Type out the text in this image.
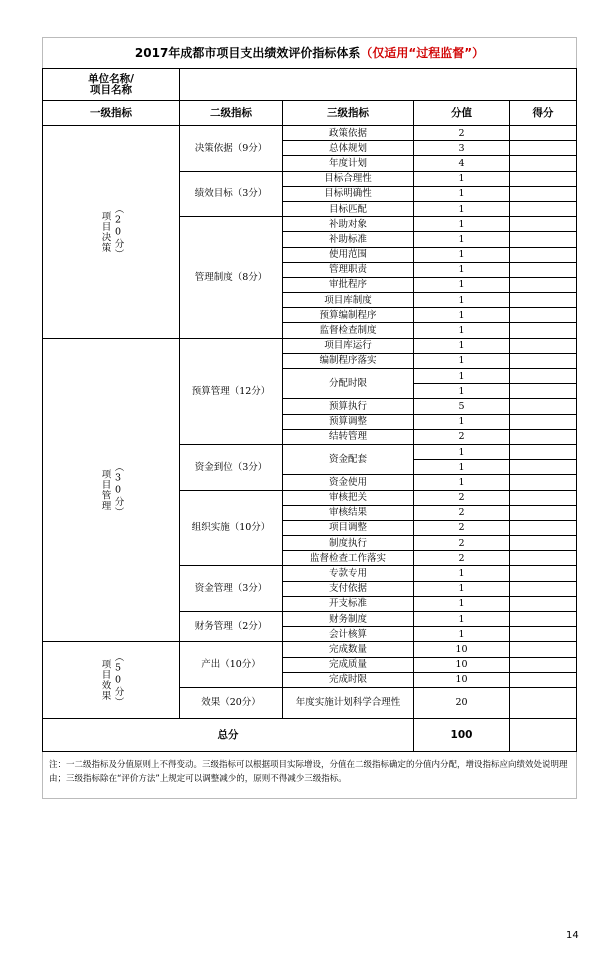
2017年成都市项目支出绩效评价指标体系（仅适用“过程监督”）				

单位名称/
项目名称				

一级指标	二级指标	三级指标	分值	得分

项目决策 （20分）	决策依据（9分）	政策依据	2	
		总体规划	3	
		年度计划	4	
	绩效目标（3分）	目标合理性	1	
		目标明确性	1	
		目标匹配	1	
	管理制度（8分）	补助对象	1	
		补助标准	1	
		使用范围	1	
		管理职责	1	
		审批程序	1	
		项目库制度	1	
		预算编制程序	1	
		监督检查制度	1	

项目管理 （30分）	预算管理（12分）	项目库运行	1	
		编制程序落实	1	
		分配时限	1	
			1	
		预算执行	5	
		预算调整	1	
		结转管理	2	
	资金到位（3分）	资金配套	1	
			1	
		资金使用	1	
	组织实施（10分）	审核把关	2	
		审核结果	2	
		项目调整	2	
		制度执行	2	
		监督检查工作落实	2	
	资金管理（3分）	专款专用	1	
		支付依据	1	
		开支标准	1	
	财务管理（2分）	财务制度	1	
		会计核算	1	

项目效果 （50分）	产出（10分）	完成数量	10	
		完成质量	10	
		完成时限	10	
	效果（20分）	年度实施计划科学合理性	20	
总分	100	
注：一二级指标及分值原则上不得变动。三级指标可以根据项目实际增设，分值在二级指标确定的分值内分配，增设指标应向绩效处说明理由；三级指标除在“评价方法”上规定可以调整减少的，原则不得减少三级指标。
14
